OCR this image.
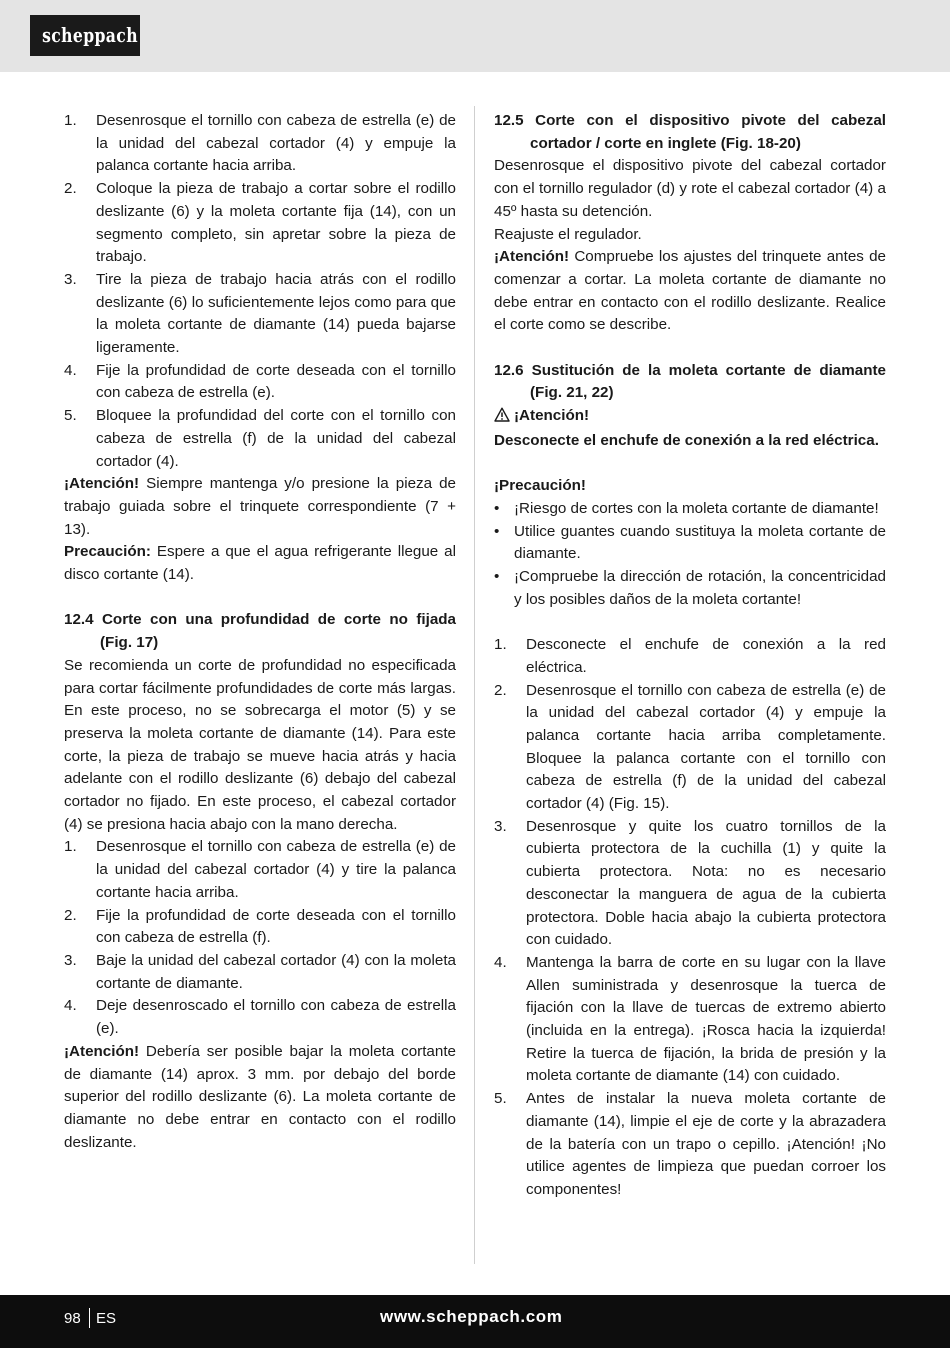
scheppach
1. Desenrosque el tornillo con cabeza de estrella (e) de la unidad del cabezal cortador (4) y empuje la palanca cortante hacia arriba.
2. Coloque la pieza de trabajo a cortar sobre el rodillo deslizante (6) y la moleta cortante fija (14), con un segmento completo, sin apretar sobre la pieza de trabajo.
3. Tire la pieza de trabajo hacia atrás con el rodillo deslizante (6) lo suficientemente lejos como para que la moleta cortante de diamante (14) pueda bajarse ligeramente.
4. Fije la profundidad de corte deseada con el tornillo con cabeza de estrella (e).
5. Bloquee la profundidad del corte con el tornillo con cabeza de estrella (f) de la unidad del cabezal cortador (4).

¡Atención! Siempre mantenga y/o presione la pieza de trabajo guiada sobre el trinquete correspondiente (7 + 13).

Precaución: Espere a que el agua refrigerante llegue al disco cortante (14).

12.4 Corte con una profundidad de corte no fijada (Fig. 17)

Se recomienda un corte de profundidad no especificada para cortar fácilmente profundidades de corte más largas. En este proceso, no se sobrecarga el motor (5) y se preserva la moleta cortante de diamante (14). Para este corte, la pieza de trabajo se mueve hacia atrás y hacia adelante con el rodillo deslizante (6) debajo del cabezal cortador no fijado. En este proceso, el cabezal cortador (4) se presiona hacia abajo con la mano derecha.

1. Desenrosque el tornillo con cabeza de estrella (e) de la unidad del cabezal cortador (4) y tire la palanca cortante hacia arriba.
2. Fije la profundidad de corte deseada con el tornillo con cabeza de estrella (f).
3. Baje la unidad del cabezal cortador (4) con la moleta cortante de diamante.
4. Deje desenroscado el tornillo con cabeza de estrella (e).

¡Atención! Debería ser posible bajar la moleta cortante de diamante (14) aprox. 3 mm. por debajo del borde superior del rodillo deslizante (6). La moleta cortante de diamante no debe entrar en contacto con el rodillo deslizante.

12.5 Corte con el dispositivo pivote del cabezal cortador / corte en inglete (Fig. 18-20)

Desenrosque el dispositivo pivote del cabezal cortador con el tornillo regulador (d) y rote el cabezal cortador (4) a 45º hasta su detención.

Reajuste el regulador.

¡Atención! Compruebe los ajustes del trinquete antes de comenzar a cortar. La moleta cortante de diamante no debe entrar en contacto con el rodillo deslizante. Realice el corte como se describe.

12.6 Sustitución de la moleta cortante de diamante (Fig. 21, 22)

¡Atención!

Desconecte el enchufe de conexión a la red eléctrica.

¡Precaución!

• ¡Riesgo de cortes con la moleta cortante de diamante!
• Utilice guantes cuando sustituya la moleta cortante de diamante.
• ¡Compruebe la dirección de rotación, la concentricidad y los posibles daños de la moleta cortante!
1. Desconecte el enchufe de conexión a la red eléctrica.
2. Desenrosque el tornillo con cabeza de estrella (e) de la unidad del cabezal cortador (4) y empuje la palanca cortante hacia arriba completamente. Bloquee la palanca cortante con el tornillo con cabeza de estrella (f) de la unidad del cabezal cortador (4) (Fig. 15).
3. Desenrosque y quite los cuatro tornillos de la cubierta protectora de la cuchilla (1) y quite la cubierta protectora. Nota: no es necesario desconectar la manguera de agua de la cubierta protectora. Doble hacia abajo la cubierta protectora con cuidado.
4. Mantenga la barra de corte en su lugar con la llave Allen suministrada y desenrosque la tuerca de fijación con la llave de tuercas de extremo abierto (incluida en la entrega). ¡Rosca hacia la izquierda! Retire la tuerca de fijación, la brida de presión y la moleta cortante de diamante (14) con cuidado.
5. Antes de instalar la nueva moleta cortante de diamante (14), limpie el eje de corte y la abrazadera de la batería con un trapo o cepillo. ¡Atención! ¡No utilice agentes de limpieza que puedan corroer los componentes!
98 ES	www.scheppach.com
